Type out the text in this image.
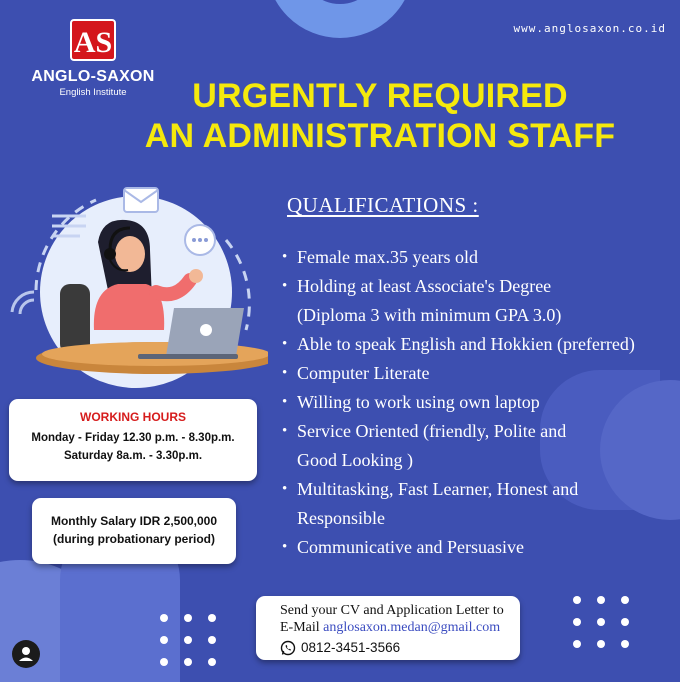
AS
ANGLO-SAXON
English Institute
www.anglosaxon.co.id
URGENTLY REQUIRED
AN ADMINISTRATION STAFF
QUALIFICATIONS :
• Female max.35 years old
• Holding at least Associate's Degree
(Diploma 3 with minimum GPA 3.0)
• Able to speak English and Hokkien (preferred)
• Computer Literate
• Willing to work using own laptop
• Service Oriented (friendly, Polite and
Good Looking )
• Multitasking, Fast Learner, Honest and
Responsible
• Communicative and Persuasive
WORKING HOURS
Monday - Friday 12.30 p.m. - 8.30p.m.
Saturday 8a.m. - 3.30p.m.
Monthly Salary IDR 2,500,000
(during probationary period)
Send your CV and Application Letter to
E-Mail anglosaxon.medan@gmail.com
0812-3451-3566
